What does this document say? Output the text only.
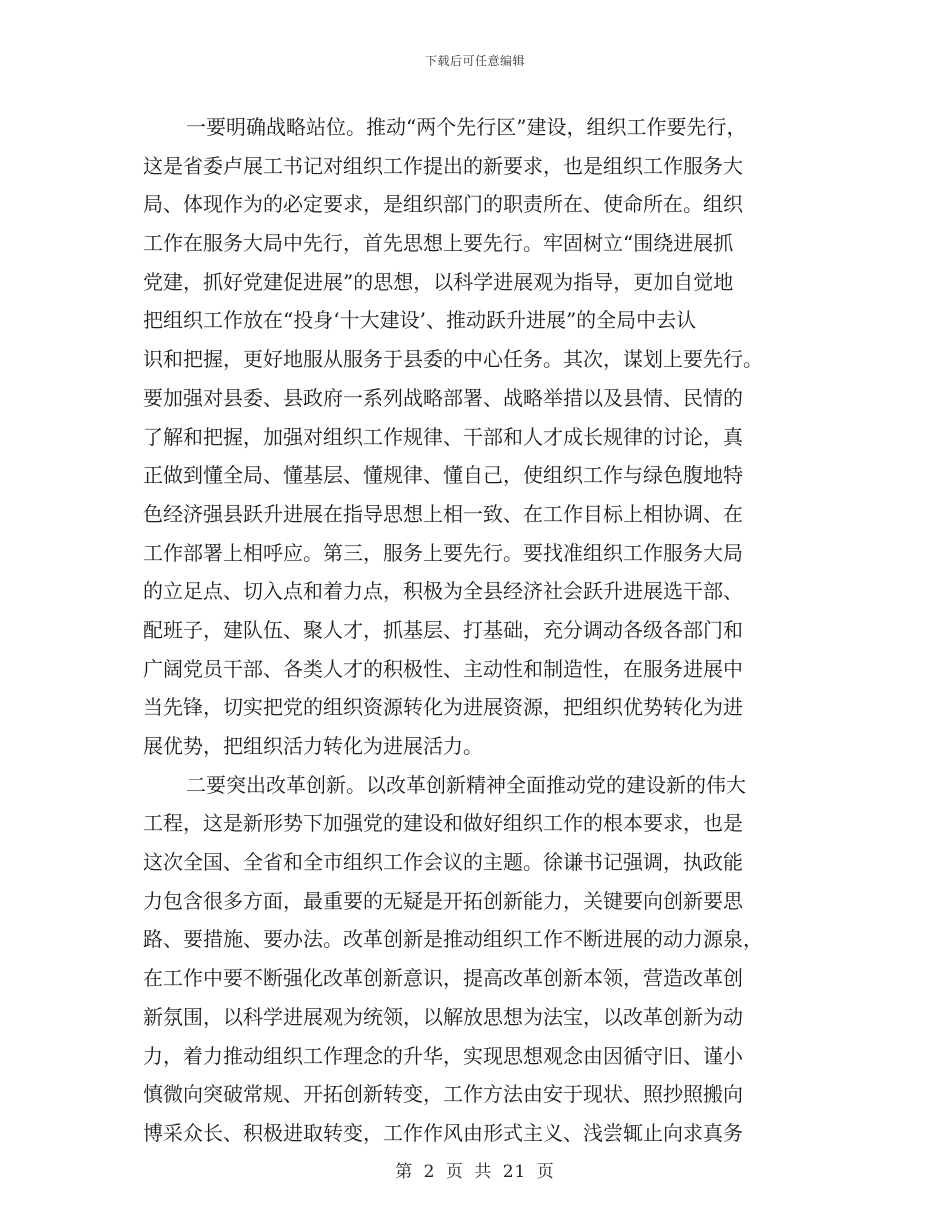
下载后可任意编辑
一要明确战略站位。推动“两个先行区”建设，组织工作要先行，
这是省委卢展工书记对组织工作提出的新要求，也是组织工作服务大
局、体现作为的必定要求，是组织部门的职责所在、使命所在。组织
工作在服务大局中先行，首先思想上要先行。牢固树立“围绕进展抓
党建，抓好党建促进展”的思想，以科学进展观为指导，更加自觉地
把组织工作放在“投身‘十大建设’、推动跃升进展”的全局中去认
识和把握，更好地服从服务于县委的中心任务。其次，谋划上要先行。
要加强对县委、县政府一系列战略部署、战略举措以及县情、民情的
了解和把握，加强对组织工作规律、干部和人才成长规律的讨论，真
正做到懂全局、懂基层、懂规律、懂自己，使组织工作与绿色腹地特
色经济强县跃升进展在指导思想上相一致、在工作目标上相协调、在
工作部署上相呼应。第三，服务上要先行。要找准组织工作服务大局
的立足点、切入点和着力点，积极为全县经济社会跃升进展选干部、
配班子，建队伍、聚人才，抓基层、打基础，充分调动各级各部门和
广阔党员干部、各类人才的积极性、主动性和制造性，在服务进展中
当先锋，切实把党的组织资源转化为进展资源，把组织优势转化为进
展优势，把组织活力转化为进展活力。
二要突出改革创新。以改革创新精神全面推动党的建设新的伟大
工程，这是新形势下加强党的建设和做好组织工作的根本要求，也是
这次全国、全省和全市组织工作会议的主题。徐谦书记强调，执政能
力包含很多方面，最重要的无疑是开拓创新能力，关键要向创新要思
路、要措施、要办法。改革创新是推动组织工作不断进展的动力源泉，
在工作中要不断强化改革创新意识，提高改革创新本领，营造改革创
新氛围，以科学进展观为统领，以解放思想为法宝，以改革创新为动
力，着力推动组织工作理念的升华，实现思想观念由因循守旧、谨小
慎微向突破常规、开拓创新转变，工作方法由安于现状、照抄照搬向
博采众长、积极进取转变，工作作风由形式主义、浅尝辄止向求真务
第 2 页 共 21 页
